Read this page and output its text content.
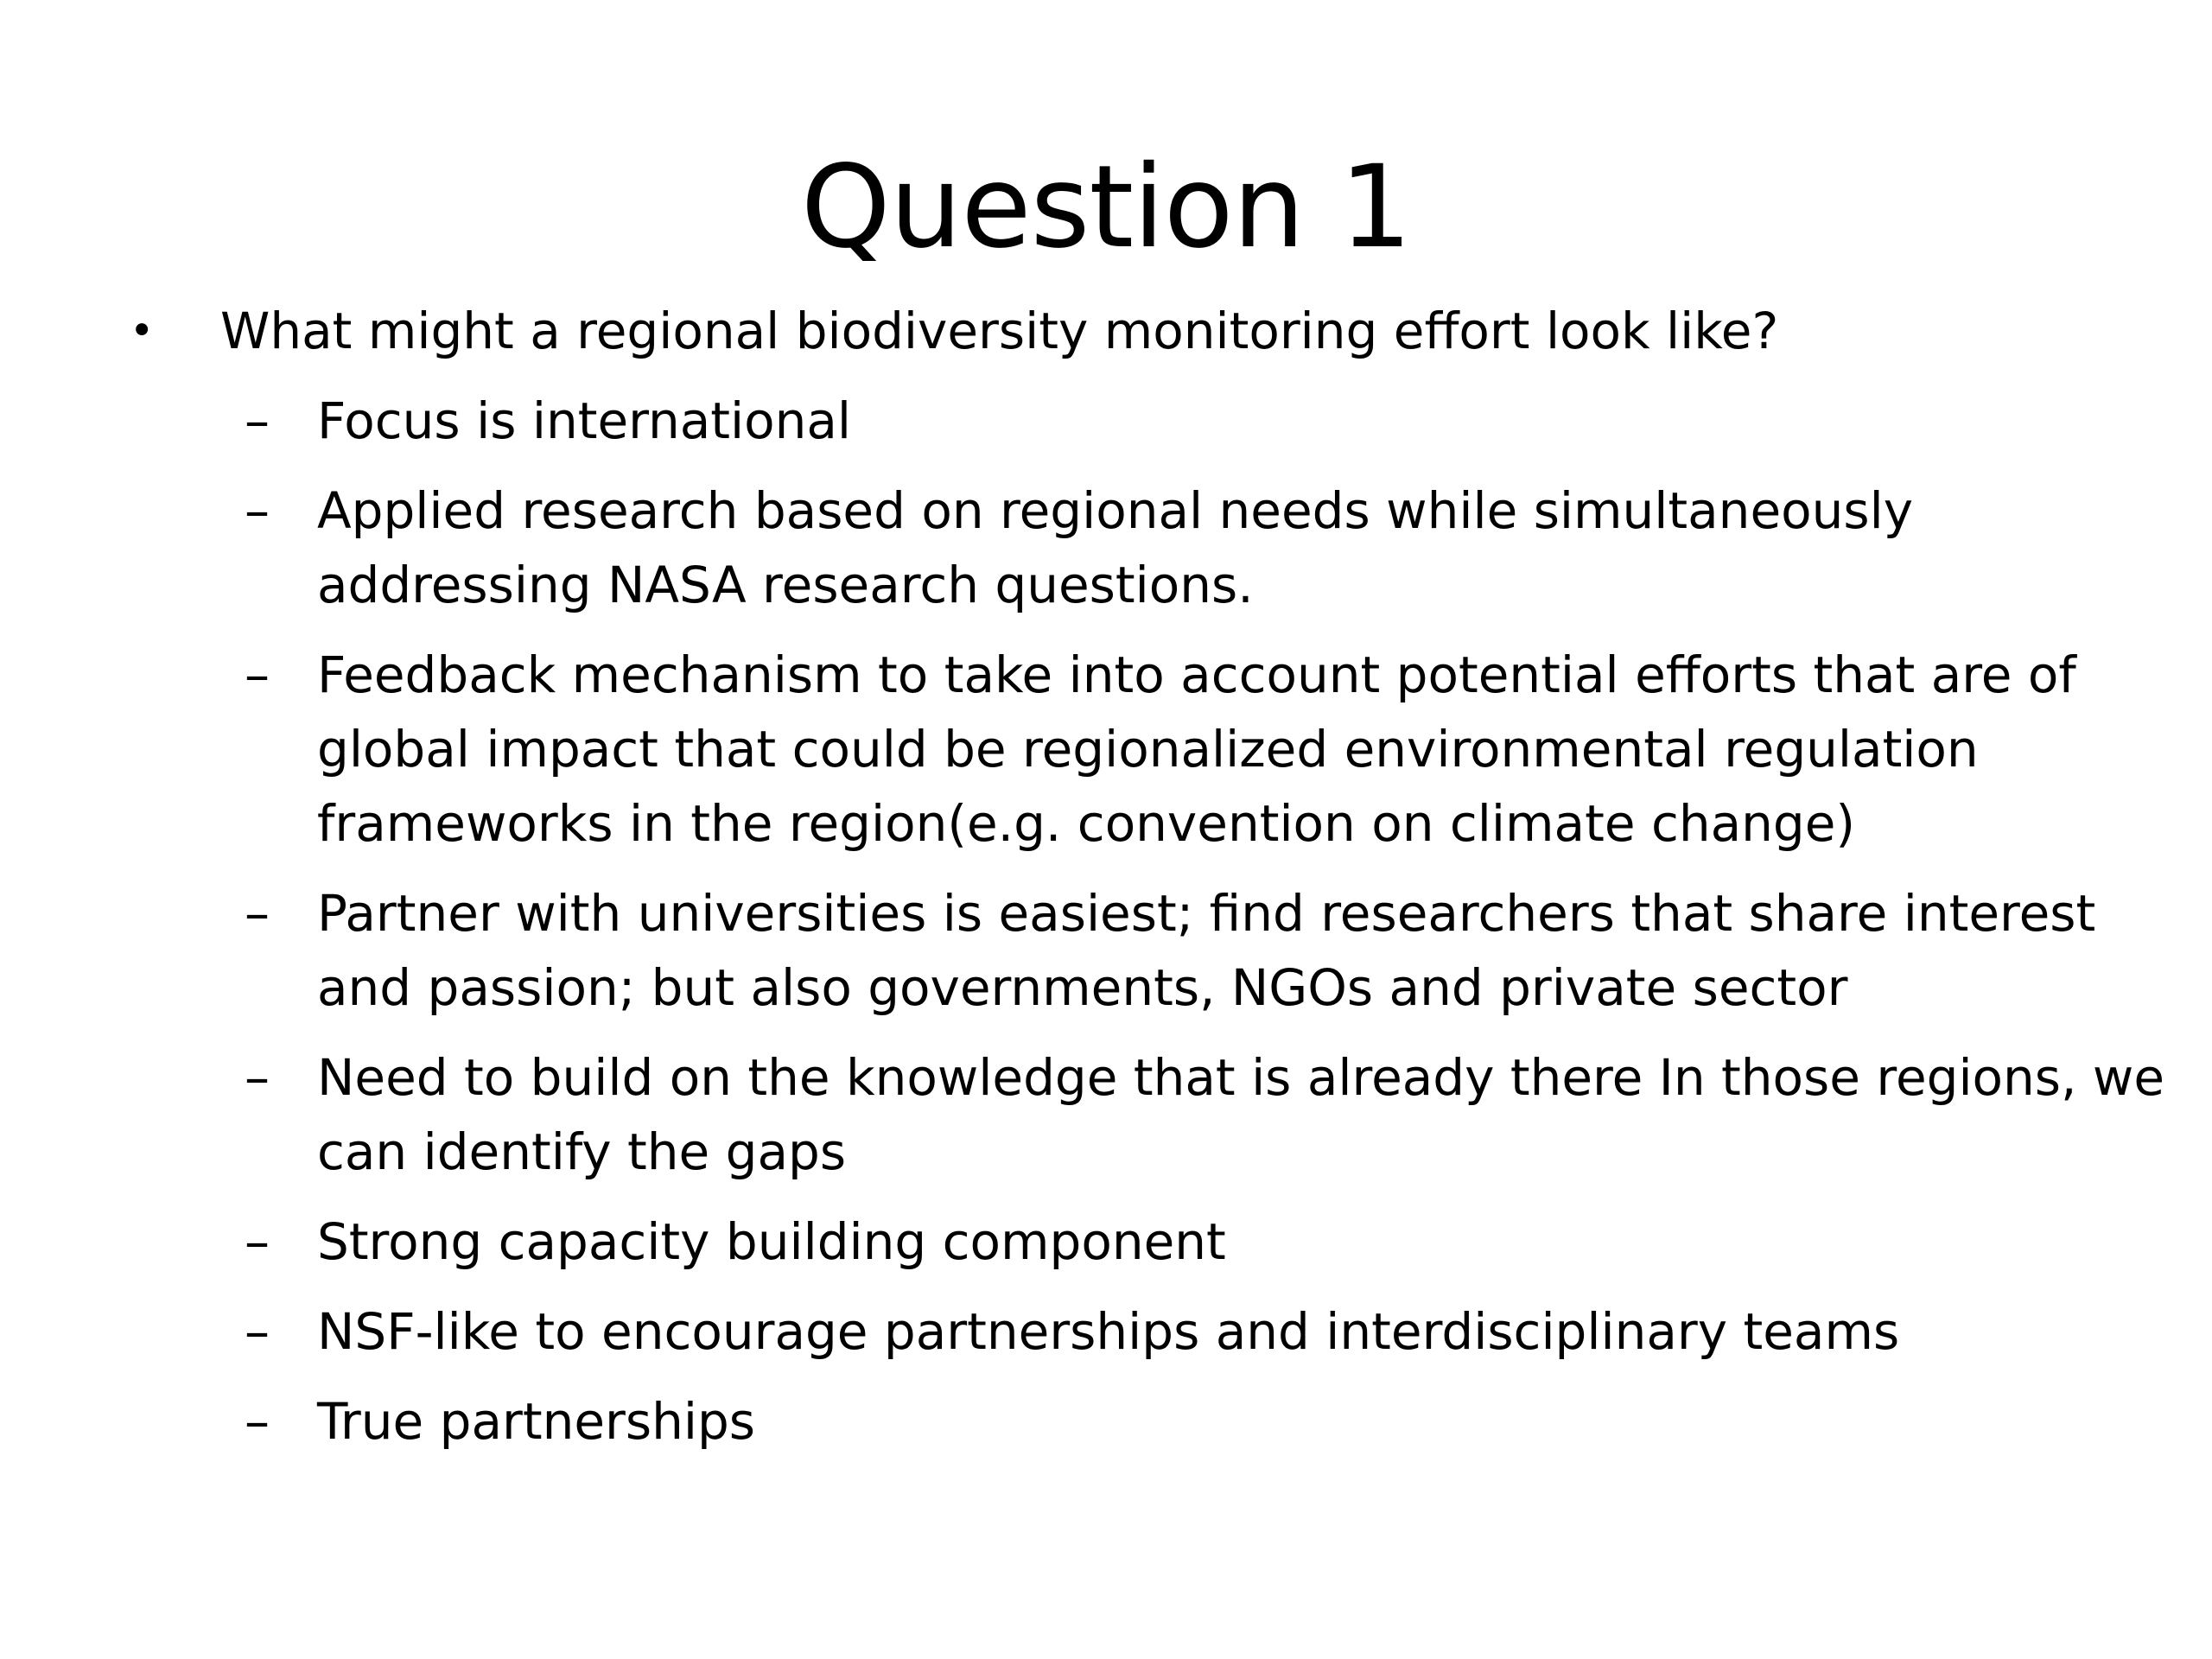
Question 1
•	What might a regional biodiversity monitoring effort look like?
– Focus is international
– Applied research based on regional needs while simultaneously addressing NASA research questions.
– Feedback mechanism to take into account potential efforts that are of global impact that could be regionalized environmental regulation frameworks in the region(e.g. convention on climate change)
– Partner with universities is easiest; find researchers that share interest and passion; but also governments, NGOs and private sector
– Need to build on the knowledge that is already there In those regions, we can identify the gaps
– Strong capacity building component
– NSF-like to encourage partnerships and interdisciplinary teams
– True partnerships
